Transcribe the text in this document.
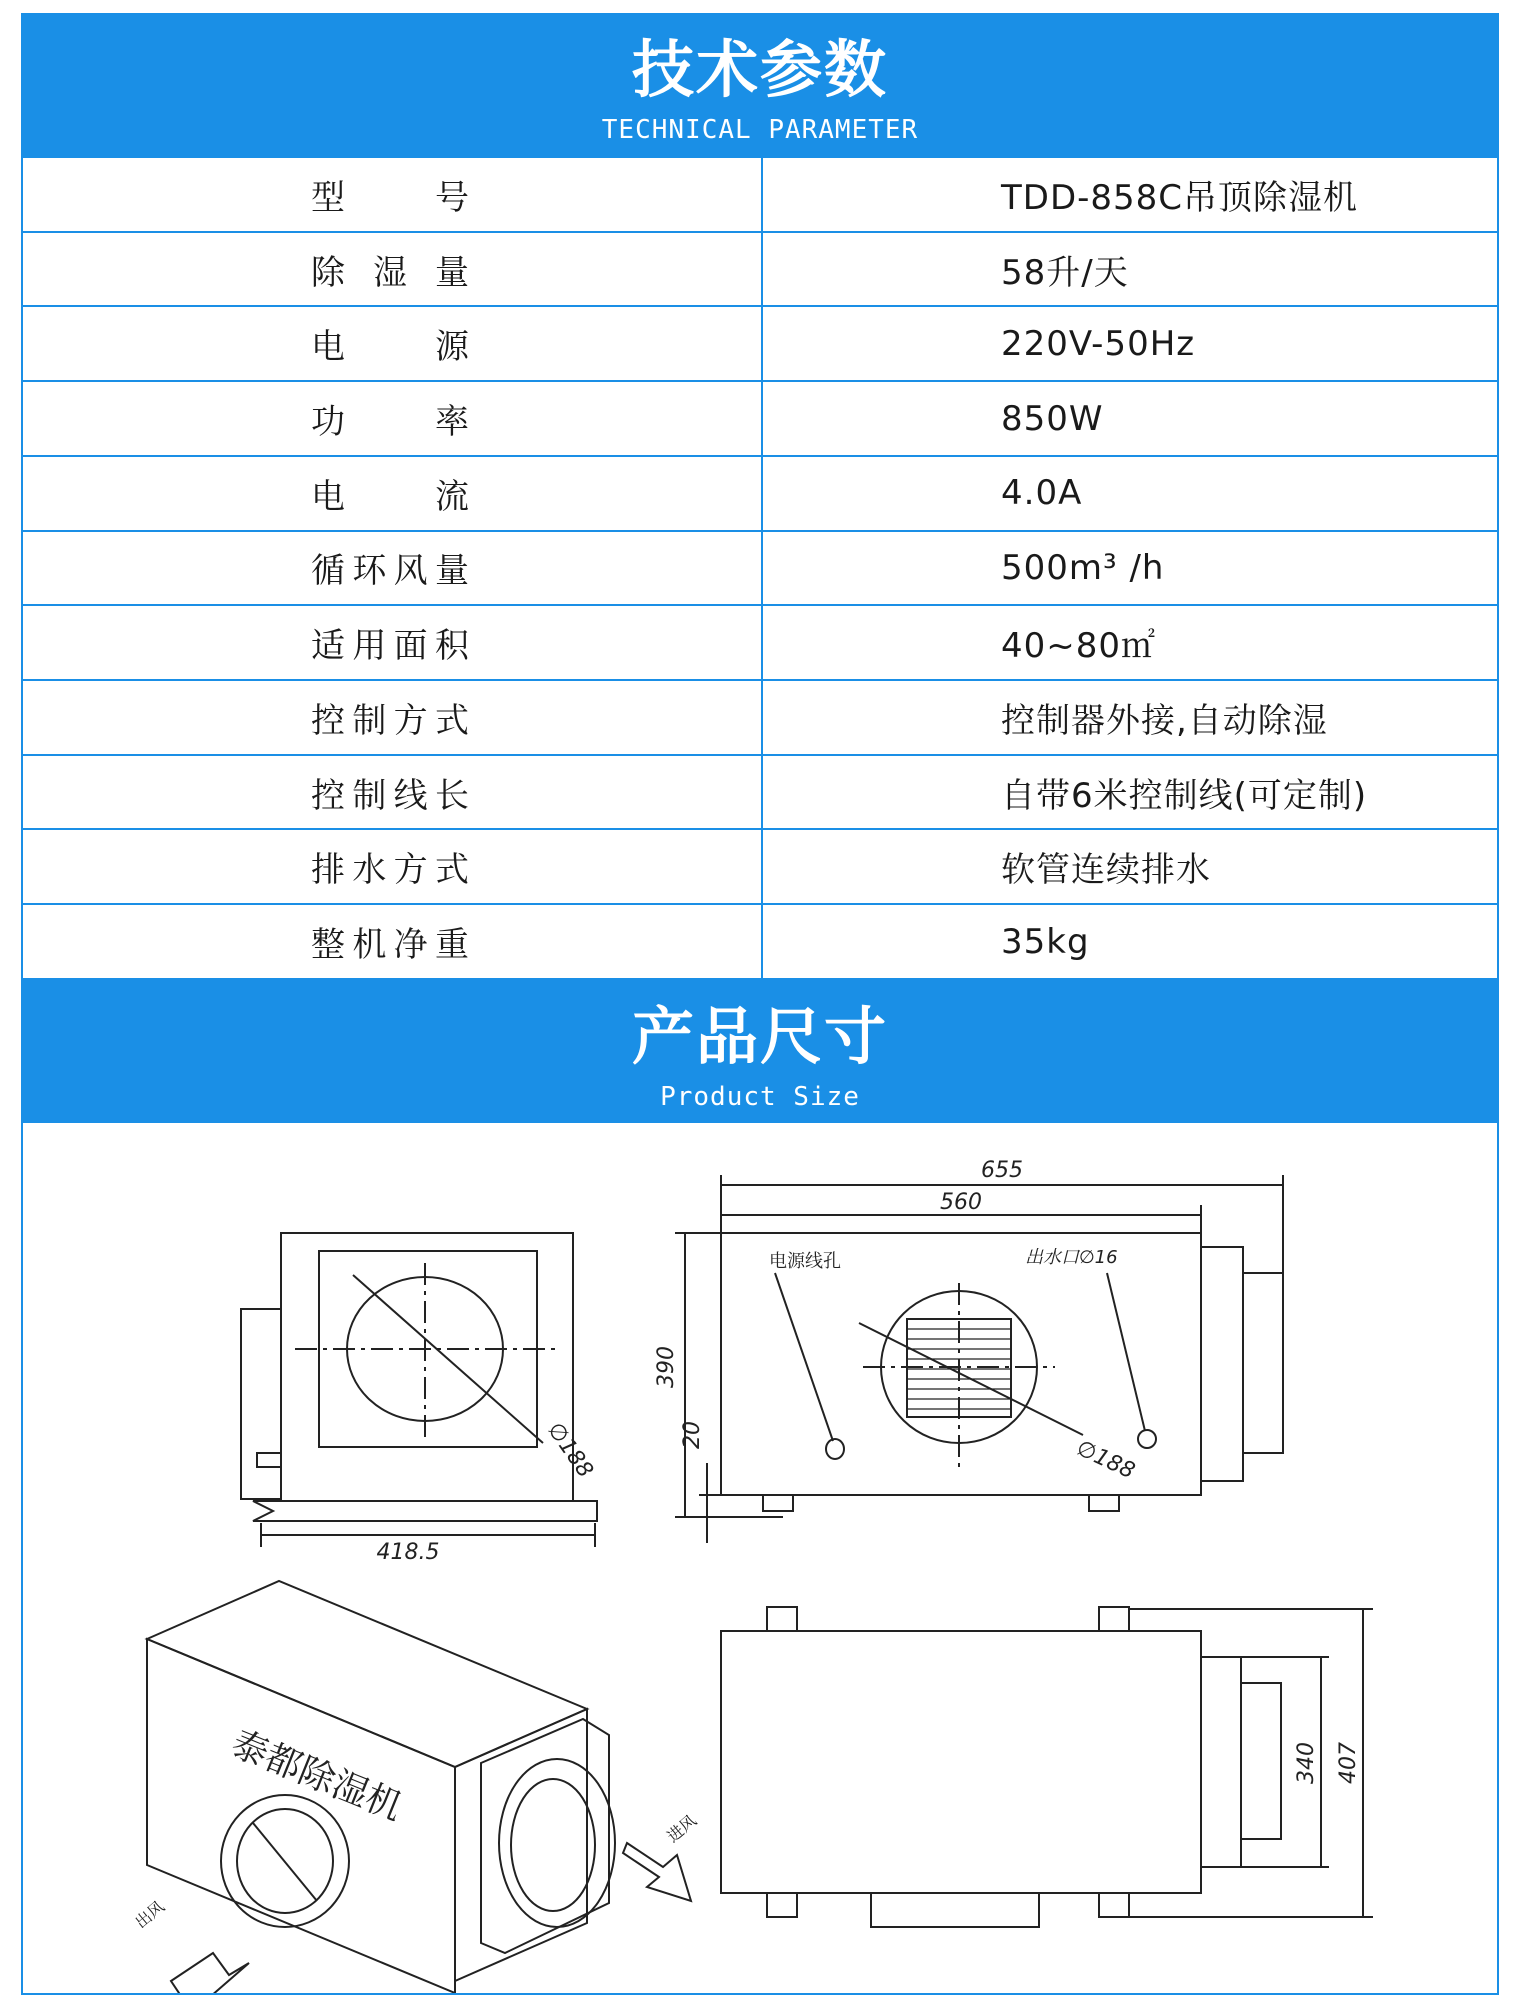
技术参数
TECHNICAL PARAMETER
型号	TDD-858C吊顶除湿机
除湿量	58升/天
电源	220V-50Hz
功率	850W
电流	4.0A
循环风量	500m³ /h
适用面积	40~80㎡
控制方式	控制器外接,自动除湿
控制线长	自带6米控制线(可定制)
排水方式	软管连续排水
整机净重	35kg
产品尺寸
Product Size
418.5
∅188
电源线孔	出水口∅16
∅188
655
560
390
20
泰都除湿机
出风
进风
340 407
